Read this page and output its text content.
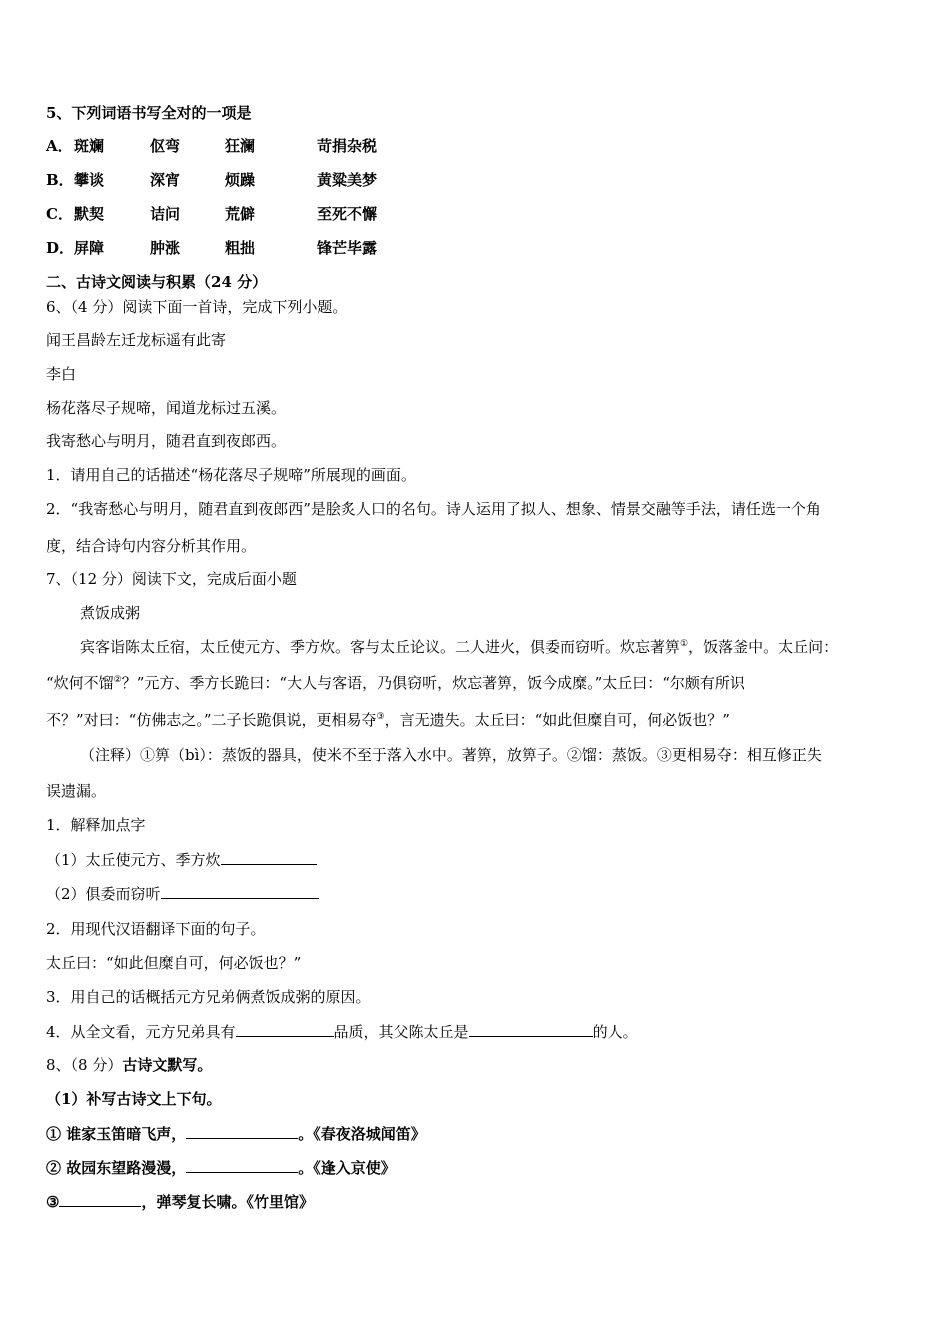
5、下列词语书写全对的一项是
A． 斑斓	伛弯	狂澜	苛捐杂税
B． 攀谈	深宵	烦躁	黄粱美梦
C． 默契	诘问	荒僻	至死不懈
D． 屏障	肿涨	粗拙	锋芒毕露
二、古诗文阅读与积累（24 分）
6、（4 分）阅读下面一首诗，完成下列小题。
闻王昌龄左迁龙标遥有此寄
李白
杨花落尽子规啼，闻道龙标过五溪。
我寄愁心与明月，随君直到夜郎西。
1．请用自己的话描述“杨花落尽子规啼”所展现的画面。
2．“我寄愁心与明月，随君直到夜郎西”是脍炙人口的名句。诗人运用了拟人、想象、情景交融等手法，请任选一个角
度，结合诗句内容分析其作用。
7、（12 分）阅读下文，完成后面小题
煮饭成粥
宾客诣陈太丘宿，太丘使元方、季方炊。客与太丘论议。二人进火，俱委而窃听。炊忘著箅①，饭落釜中。太丘问：
“炊何不馏②？”元方、季方长跪曰：“大人与客语，乃俱窃听，炊忘著箅，饭今成糜。”太丘曰：“尔颇有所识
不？”对曰：“仿佛志之。”二子长跪俱说，更相易夺③，言无遗失。太丘曰：“如此但糜自可，何必饭也？”
（注释）①箅（bì）：蒸饭的器具，使米不至于落入水中。著箅，放箅子。②馏：蒸饭。③更相易夺：相互修正失
误遗漏。
1．解释加点字
（1）太丘使元方、季方炊
（2）俱委而窃听
2．用现代汉语翻译下面的句子。
太丘曰：“如此但糜自可，何必饭也？”
3．用自己的话概括元方兄弟俩煮饭成粥的原因。
4．从全文看，元方兄弟具有	品质，其父陈太丘是	的人。
8、（8 分）古诗文默写。
（1）补写古诗文上下句。
① 谁家玉笛暗飞声，	。《春夜洛城闻笛》
② 故园东望路漫漫，	。《逢入京使》
③	，弹琴复长啸。《竹里馆》
